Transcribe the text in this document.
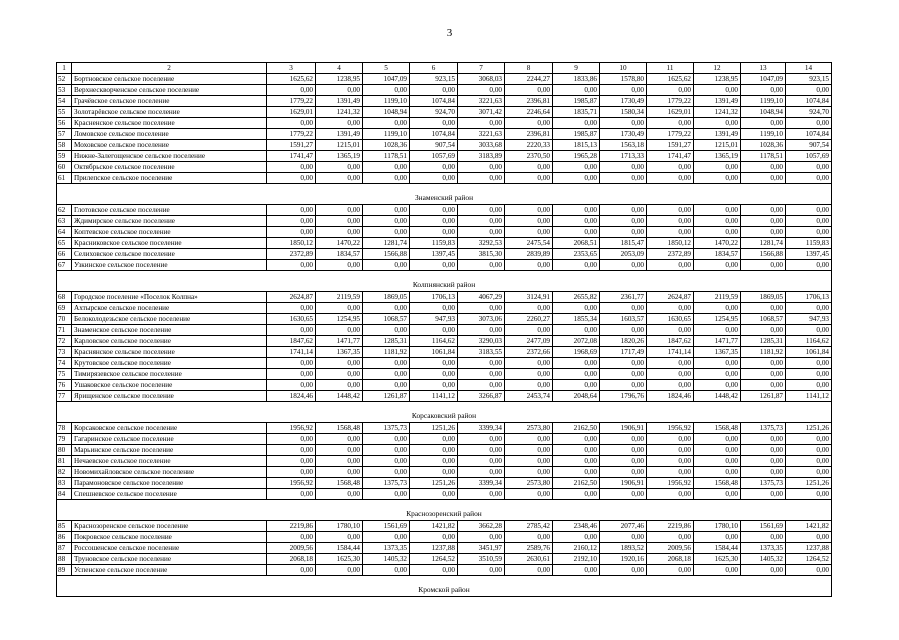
3
1	2	3	4	5	6	7	8	9	10	11	12	13	14
52	Бортновское сельское поселение	1625,62	1238,95	1047,09	923,15	3068,03	2244,27	1833,86	1578,80	1625,62	1238,95	1047,09	923,15
53	Верхнескворченское сельское поселение	0,00	0,00	0,00	0,00	0,00	0,00	0,00	0,00	0,00	0,00	0,00	0,00
54	Грачёвское сельское поселение	1779,22	1391,49	1199,10	1074,84	3221,63	2396,81	1985,87	1730,49	1779,22	1391,49	1199,10	1074,84
55	Золотарёвское сельское поселение	1629,01	1241,32	1048,94	924,70	3071,42	2246,64	1835,71	1580,34	1629,01	1241,32	1048,94	924,70
56	Красненское сельское поселение	0,00	0,00	0,00	0,00	0,00	0,00	0,00	0,00	0,00	0,00	0,00	0,00
57	Ломовское сельское поселение	1779,22	1391,49	1199,10	1074,84	3221,63	2396,81	1985,87	1730,49	1779,22	1391,49	1199,10	1074,84
58	Моховское сельское поселение	1591,27	1215,01	1028,36	907,54	3033,68	2220,33	1815,13	1563,18	1591,27	1215,01	1028,36	907,54
59	Нижне-Залегощенское сельское поселение	1741,47	1365,19	1178,51	1057,69	3183,89	2370,50	1965,28	1713,33	1741,47	1365,19	1178,51	1057,69
60	Октябрьское сельское поселение	0,00	0,00	0,00	0,00	0,00	0,00	0,00	0,00	0,00	0,00	0,00	0,00
61	Прилепское сельское поселение	0,00	0,00	0,00	0,00	0,00	0,00	0,00	0,00	0,00	0,00	0,00	0,00
Знаменский район													
62	Глотовское сельское поселение	0,00	0,00	0,00	0,00	0,00	0,00	0,00	0,00	0,00	0,00	0,00	0,00
63	Ждимирское сельское поселение	0,00	0,00	0,00	0,00	0,00	0,00	0,00	0,00	0,00	0,00	0,00	0,00
64	Коптевское сельское поселение	0,00	0,00	0,00	0,00	0,00	0,00	0,00	0,00	0,00	0,00	0,00	0,00
65	Красниковское сельское поселение	1850,12	1470,22	1281,74	1159,83	3292,53	2475,54	2068,51	1815,47	1850,12	1470,22	1281,74	1159,83
66	Селиховское сельское поселение	2372,89	1834,57	1566,88	1397,45	3815,30	2839,89	2353,65	2053,09	2372,89	1834,57	1566,88	1397,45
67	Узкинское сельское поселение	0,00	0,00	0,00	0,00	0,00	0,00	0,00	0,00	0,00	0,00	0,00	0,00
Колпнянский район													
68	Городское поселение «Поселок Колпна»	2624,87	2119,59	1869,05	1706,13	4067,29	3124,91	2655,82	2361,77	2624,87	2119,59	1869,05	1706,13
69	Ахтырское сельское поселение	0,00	0,00	0,00	0,00	0,00	0,00	0,00	0,00	0,00	0,00	0,00	0,00
70	Белоколодезьское сельское поселение	1630,65	1254,95	1068,57	947,93	3073,06	2260,27	1855,34	1603,57	1630,65	1254,95	1068,57	947,93
71	Знаменское сельское поселение	0,00	0,00	0,00	0,00	0,00	0,00	0,00	0,00	0,00	0,00	0,00	0,00
72	Карловское сельское поселение	1847,62	1471,77	1285,31	1164,62	3290,03	2477,09	2072,08	1820,26	1847,62	1471,77	1285,31	1164,62
73	Краснянское сельское поселение	1741,14	1367,35	1181,92	1061,84	3183,55	2372,66	1968,69	1717,49	1741,14	1367,35	1181,92	1061,84
74	Крутовское сельское поселение	0,00	0,00	0,00	0,00	0,00	0,00	0,00	0,00	0,00	0,00	0,00	0,00
75	Тимирязевское сельское поселение	0,00	0,00	0,00	0,00	0,00	0,00	0,00	0,00	0,00	0,00	0,00	0,00
76	Ушаковское сельское поселение	0,00	0,00	0,00	0,00	0,00	0,00	0,00	0,00	0,00	0,00	0,00	0,00
77	Ярищенское сельское поселение	1824,46	1448,42	1261,87	1141,12	3266,87	2453,74	2048,64	1796,76	1824,46	1448,42	1261,87	1141,12
Корсаковский район													
78	Корсаковское сельское поселение	1956,92	1568,48	1375,73	1251,26	3399,34	2573,80	2162,50	1906,91	1956,92	1568,48	1375,73	1251,26
79	Гагаринское сельское поселение	0,00	0,00	0,00	0,00	0,00	0,00	0,00	0,00	0,00	0,00	0,00	0,00
80	Марьинское сельское поселение	0,00	0,00	0,00	0,00	0,00	0,00	0,00	0,00	0,00	0,00	0,00	0,00
81	Нечаевское сельское поселение	0,00	0,00	0,00	0,00	0,00	0,00	0,00	0,00	0,00	0,00	0,00	0,00
82	Новомихайловское сельское поселение	0,00	0,00	0,00	0,00	0,00	0,00	0,00	0,00	0,00	0,00	0,00	0,00
83	Парамоновское сельское поселение	1956,92	1568,48	1375,73	1251,26	3399,34	2573,80	2162,50	1906,91	1956,92	1568,48	1375,73	1251,26
84	Спешневское сельское поселение	0,00	0,00	0,00	0,00	0,00	0,00	0,00	0,00	0,00	0,00	0,00	0,00
Краснозоренский район													
85	Краснозоренское сельское поселение	2219,86	1780,10	1561,69	1421,82	3662,28	2785,42	2348,46	2077,46	2219,86	1780,10	1561,69	1421,82
86	Покровское сельское поселение	0,00	0,00	0,00	0,00	0,00	0,00	0,00	0,00	0,00	0,00	0,00	0,00
87	Россошенское сельское поселение	2009,56	1584,44	1373,35	1237,88	3451,97	2589,76	2160,12	1893,52	2009,56	1584,44	1373,35	1237,88
88	Труновское сельское поселение	2068,18	1625,30	1405,32	1264,52	3510,59	2630,61	2192,10	1920,16	2068,18	1625,30	1405,32	1264,52
89	Успенское сельское поселение	0,00	0,00	0,00	0,00	0,00	0,00	0,00	0,00	0,00	0,00	0,00	0,00
Кромской район													
